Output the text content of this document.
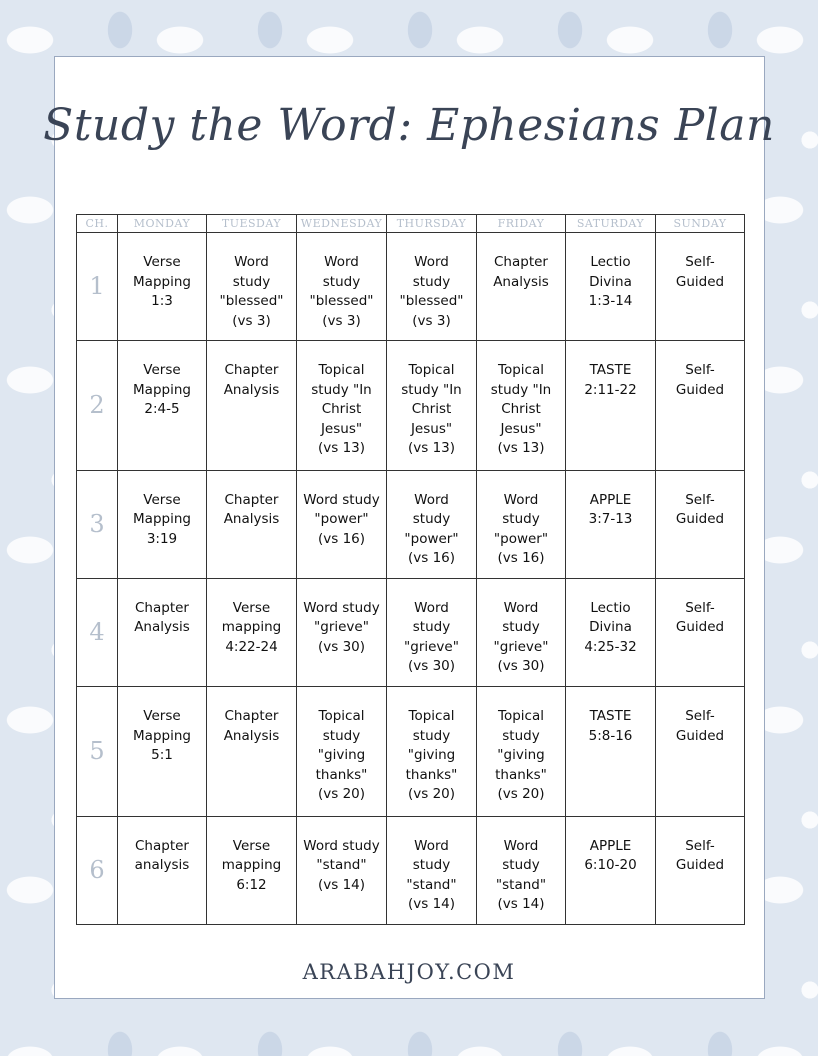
Study the Word: Ephesians Plan
CH.	MONDAY	TUESDAY	WEDNESDAY	THURSDAY	FRIDAY	SATURDAY	SUNDAY
1	Verse
Mapping
1:3	Word
study
"blessed"
(vs 3)	Word
study
"blessed"
(vs 3)	Word
study
"blessed"
(vs 3)	Chapter
Analysis	Lectio
Divina
1:3-14	Self-
Guided
2	Verse
Mapping
2:4-5	Chapter
Analysis	Topical
study "In
Christ
Jesus"
(vs 13)	Topical
study "In
Christ
Jesus"
(vs 13)	Topical
study "In
Christ
Jesus"
(vs 13)	TASTE
2:11-22	Self-
Guided
3	Verse
Mapping
3:19	Chapter
Analysis	Word study
"power"
(vs 16)	Word
study
"power"
(vs 16)	Word
study
"power"
(vs 16)	APPLE
3:7-13	Self-
Guided
4	Chapter
Analysis	Verse
mapping
4:22-24	Word study
"grieve"
(vs 30)	Word
study
"grieve"
(vs 30)	Word
study
"grieve"
(vs 30)	Lectio
Divina
4:25-32	Self-
Guided
5	Verse
Mapping
5:1	Chapter
Analysis	Topical
study
"giving
thanks"
(vs 20)	Topical
study
"giving
thanks"
(vs 20)	Topical
study
"giving
thanks"
(vs 20)	TASTE
5:8-16	Self-
Guided
6	Chapter
analysis	Verse
mapping
6:12	Word study
"stand"
(vs 14)	Word
study
"stand"
(vs 14)	Word
study
"stand"
(vs 14)	APPLE
6:10-20	Self-
Guided
ARABAHJOY.COM
